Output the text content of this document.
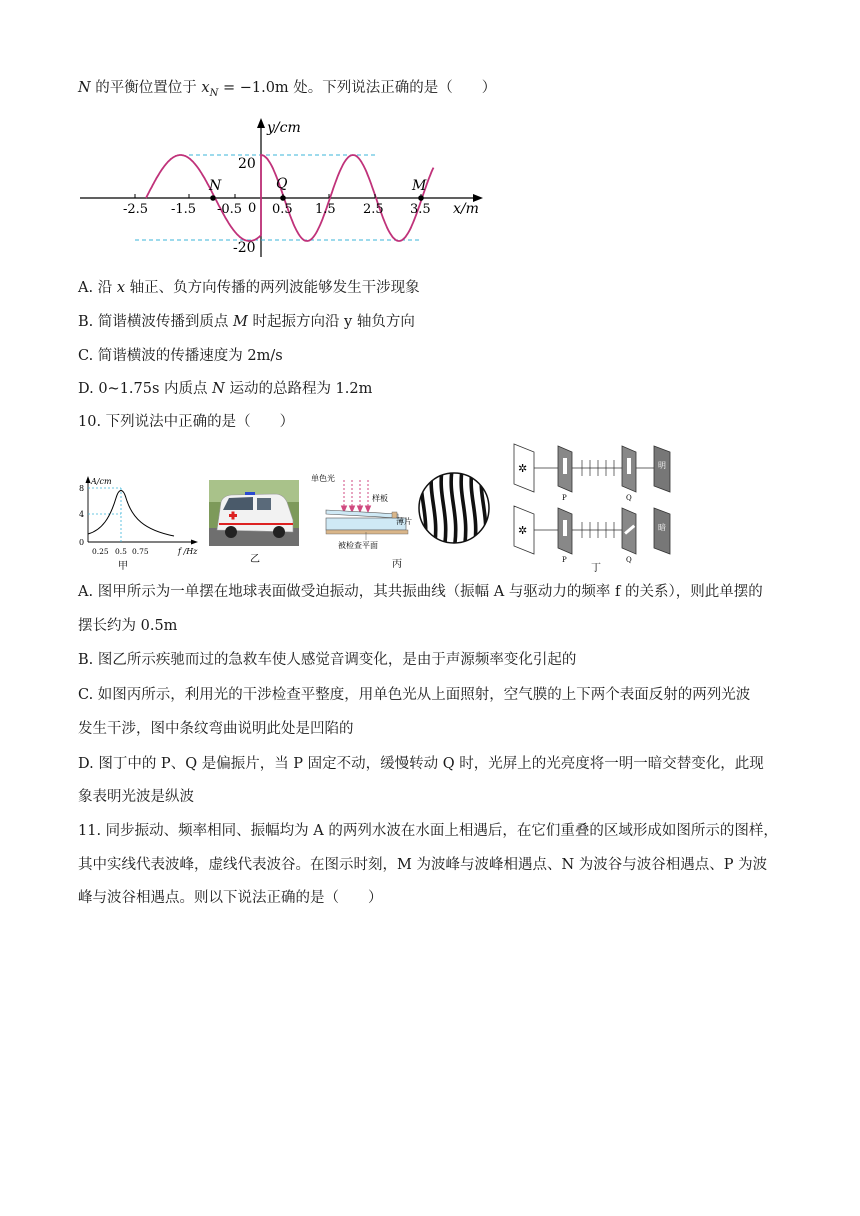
N 的平衡位置位于 $x_N = -1.0m$ 处。下列说法正确的是（　　）
y/cm
x/m
20
-20
0
-2.5 -1.5 -0.5 0.5 1.5 2.5 3.5
N	Q	M
A. 沿 x 轴正、负方向传播的两列波能够发生干涉现象
B. 简谐横波传播到质点 M 时起振方向沿 y 轴负方向
C. 简谐横波的传播速度为 2m/s
D. 0~1.75s 内质点 N 运动的总路程为 1.2m
10. 下列说法中正确的是（　　）
A/cm
f /Hz
8
4
0
0.25 0.5 0.75
甲
乙
单色光
样板
薄片
被检查平面
丙
✲
P	Q
明
✲
P	Q
暗
丁
A. 图甲所示为一单摆在地球表面做受迫振动，其共振曲线（振幅 A 与驱动力的频率 f 的关系），则此单摆的
摆长约为 0.5m
B. 图乙所示疾驰而过的急救车使人感觉音调变化，是由于声源频率变化引起的
C. 如图丙所示，利用光的干涉检查平整度，用单色光从上面照射，空气膜的上下两个表面反射的两列光波
发生干涉，图中条纹弯曲说明此处是凹陷的
D. 图丁中的 P、Q 是偏振片，当 P 固定不动，缓慢转动 Q 时，光屏上的光亮度将一明一暗交替变化，此现
象表明光波是纵波
11. 同步振动、频率相同、振幅均为 A 的两列水波在水面上相遇后，在它们重叠的区域形成如图所示的图样，
其中实线代表波峰，虚线代表波谷。在图示时刻，M 为波峰与波峰相遇点、N 为波谷与波谷相遇点、P 为波
峰与波谷相遇点。则以下说法正确的是（　　）
